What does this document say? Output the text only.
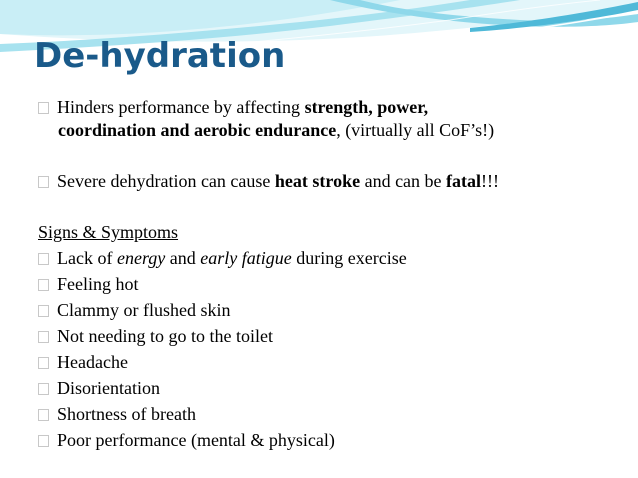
De-hydration
Hinders performance by affecting strength, power,
coordination and aerobic endurance, (virtually all CoF’s!)
Severe dehydration can cause heat stroke and can be fatal!!!
Signs & Symptoms
Lack of energy and early fatigue during exercise
Feeling hot
Clammy or flushed skin
Not needing to go to the toilet
Headache
Disorientation
Shortness of breath
Poor performance (mental & physical)
